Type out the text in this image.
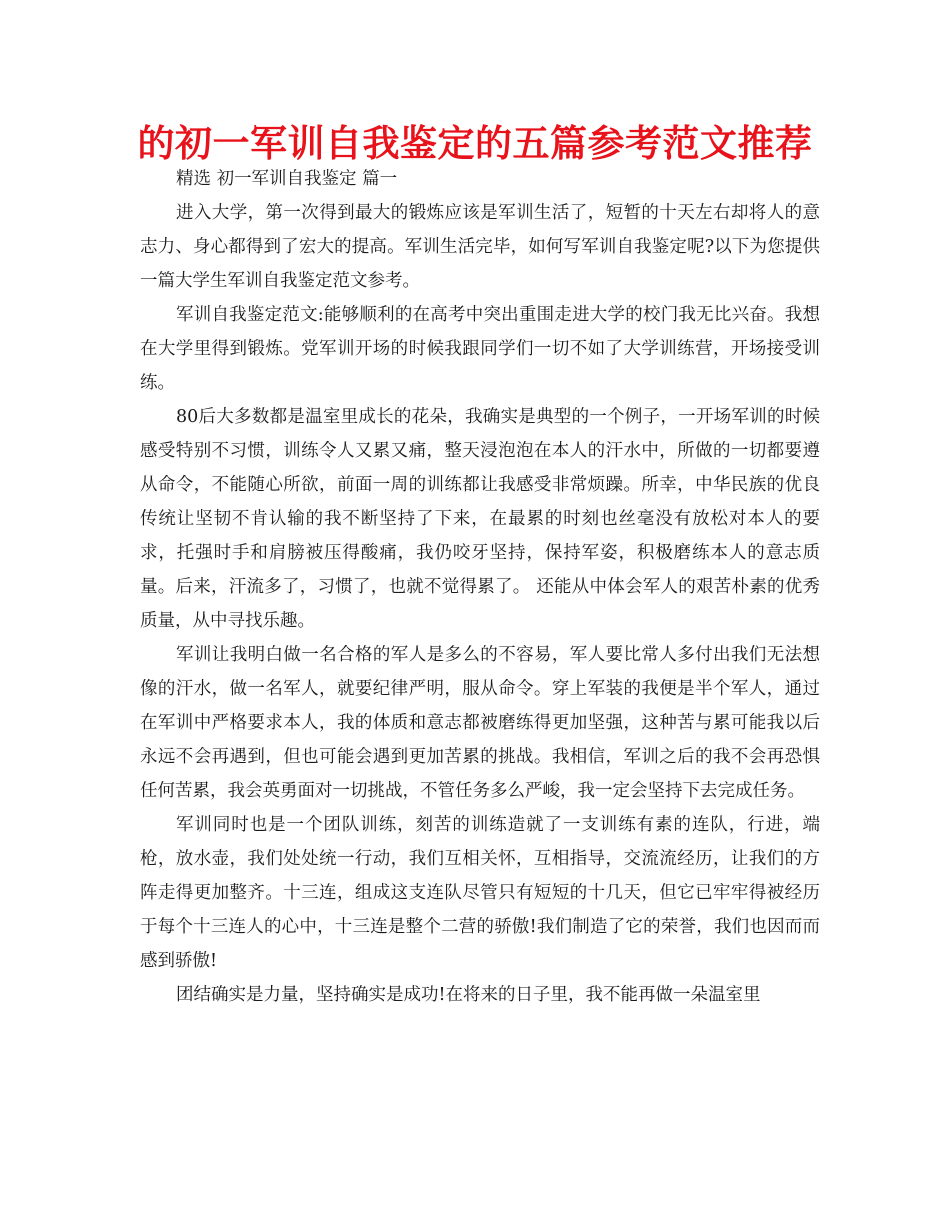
的初一军训自我鉴定的五篇参考范文推荐

精选 初一军训自我鉴定 篇一

进入大学，第一次得到最大的锻炼应该是军训生活了，短暂的十天左右却将人的意志力、身心都得到了宏大的提高。军训生活完毕，如何写军训自我鉴定呢?以下为您提供一篇大学生军训自我鉴定范文参考。

军训自我鉴定范文:能够顺利的在高考中突出重围走进大学的校门我无比兴奋。我想在大学里得到锻炼。党军训开场的时候我跟同学们一切不如了大学训练营，开场接受训练。

80后大多数都是温室里成长的花朵，我确实是典型的一个例子，一开场军训的时候感受特别不习惯，训练令人又累又痛，整天浸泡泡在本人的汗水中，所做的一切都要遵从命令，不能随心所欲，前面一周的训练都让我感受非常烦躁。所幸，中华民族的优良传统让坚韧不肯认输的我不断坚持了下来，在最累的时刻也丝毫没有放松对本人的要求，托强时手和肩膀被压得酸痛，我仍咬牙坚持，保持军姿，积极磨练本人的意志质量。后来，汗流多了，习惯了，也就不觉得累了。 还能从中体会军人的艰苦朴素的优秀质量，从中寻找乐趣。

军训让我明白做一名合格的军人是多么的不容易，军人要比常人多付出我们无法想像的汗水，做一名军人，就要纪律严明，服从命令。穿上军装的我便是半个军人，通过在军训中严格要求本人，我的体质和意志都被磨练得更加坚强，这种苦与累可能我以后永远不会再遇到，但也可能会遇到更加苦累的挑战。我相信，军训之后的我不会再恐惧任何苦累，我会英勇面对一切挑战，不管任务多么严峻，我一定会坚持下去完成任务。

军训同时也是一个团队训练，刻苦的训练造就了一支训练有素的连队，行进，端枪，放水壶，我们处处统一行动，我们互相关怀，互相指导，交流流经历，让我们的方阵走得更加整齐。十三连，组成这支连队尽管只有短短的十几天，但它已牢牢得被经历于每个十三连人的心中，十三连是整个二营的骄傲!我们制造了它的荣誉，我们也因而而感到骄傲!

团结确实是力量，坚持确实是成功!在将来的日子里，我不能再做一朵温室里
